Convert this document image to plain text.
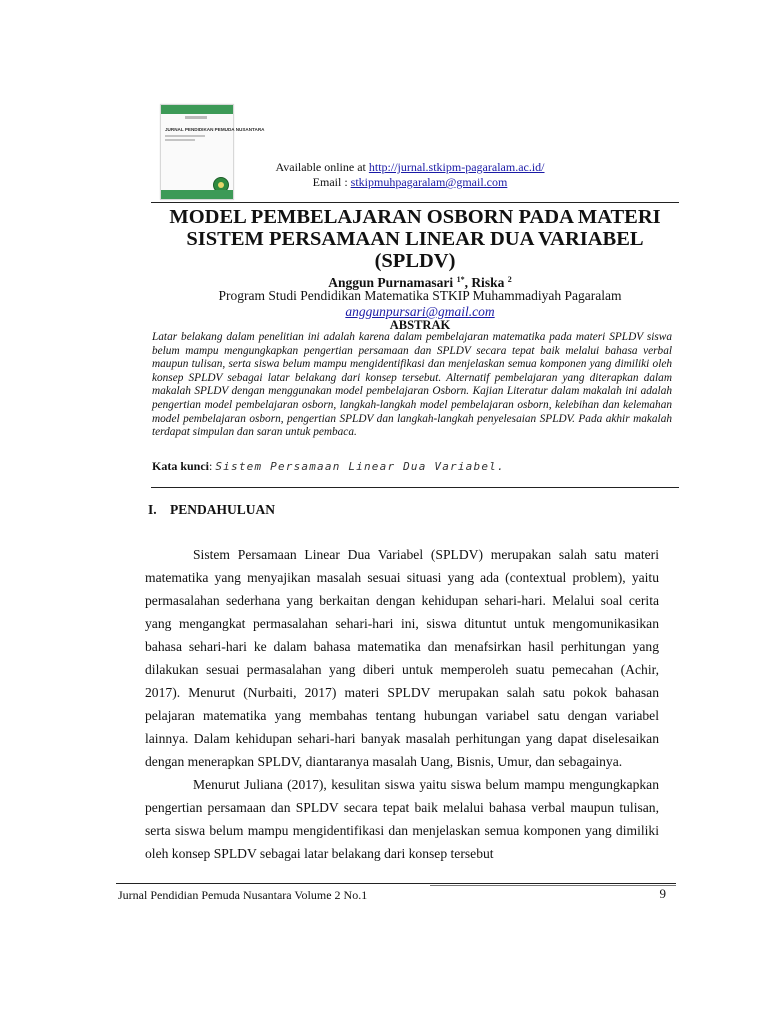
JURNAL PENDIDIKAN PEMUDA NUSANTARA
Available online at http://jurnal.stkipm-pagaralam.ac.id/
Email : stkipmuhpagaralam@gmail.com
MODEL PEMBELAJARAN OSBORN PADA MATERI
SISTEM PERSAMAAN LINEAR DUA VARIABEL
(SPLDV)
Anggun Purnamasari $^{1*}$, Riska $^2$
Program Studi Pendidikan Matematika STKIP Muhammadiyah Pagaralam
anggunpursari@gmail.com
ABSTRAK
Latar belakang dalam penelitian ini adalah karena dalam pembelajaran matematika pada materi SPLDV siswa belum mampu mengungkapkan pengertian persamaan dan SPLDV secara tepat baik melalui bahasa verbal maupun tulisan, serta siswa belum mampu mengidentifikasi dan menjelaskan semua komponen yang dimiliki oleh konsep SPLDV sebagai latar belakang dari konsep tersebut. Alternatif pembelajaran yang diterapkan dalam makalah SPLDV dengan menggunakan model pembelajaran Osborn. Kajian Literatur dalam makalah ini adalah pengertian model pembelajaran osborn, langkah-langkah model pembelajaran osborn, kelebihan dan kelemahan model pembelajaran osborn, pengertian SPLDV dan langkah-langkah penyelesaian SPLDV. Pada akhir makalah terdapat simpulan dan saran untuk pembaca.
Kata kunci: Sistem Persamaan Linear Dua Variabel.
I. PENDAHULUAN

Sistem Persamaan Linear Dua Variabel (SPLDV) merupakan salah satu materi matematika yang menyajikan masalah sesuai situasi yang ada (contextual problem), yaitu permasalahan sederhana yang berkaitan dengan kehidupan sehari-hari. Melalui soal cerita yang mengangkat permasalahan sehari-hari ini, siswa dituntut untuk mengomunikasikan bahasa sehari-hari ke dalam bahasa matematika dan menafsirkan hasil perhitungan yang dilakukan sesuai permasalahan yang diberi untuk memperoleh suatu pemecahan (Achir, 2017). Menurut (Nurbaiti, 2017) materi SPLDV merupakan salah satu pokok bahasan pelajaran matematika yang membahas tentang hubungan variabel satu dengan variabel lainnya. Dalam kehidupan sehari-hari banyak masalah perhitungan yang dapat diselesaikan dengan menerapkan SPLDV, diantaranya masalah Uang, Bisnis, Umur, dan sebagainya.

Menurut Juliana (2017), kesulitan siswa yaitu siswa belum mampu mengungkapkan pengertian persamaan dan SPLDV secara tepat baik melalui bahasa verbal maupun tulisan, serta siswa belum mampu mengidentifikasi dan menjelaskan semua komponen yang dimiliki oleh konsep SPLDV sebagai latar belakang dari konsep tersebut

Jurnal Pendidian Pemuda Nusantara Volume 2 No.1	9
